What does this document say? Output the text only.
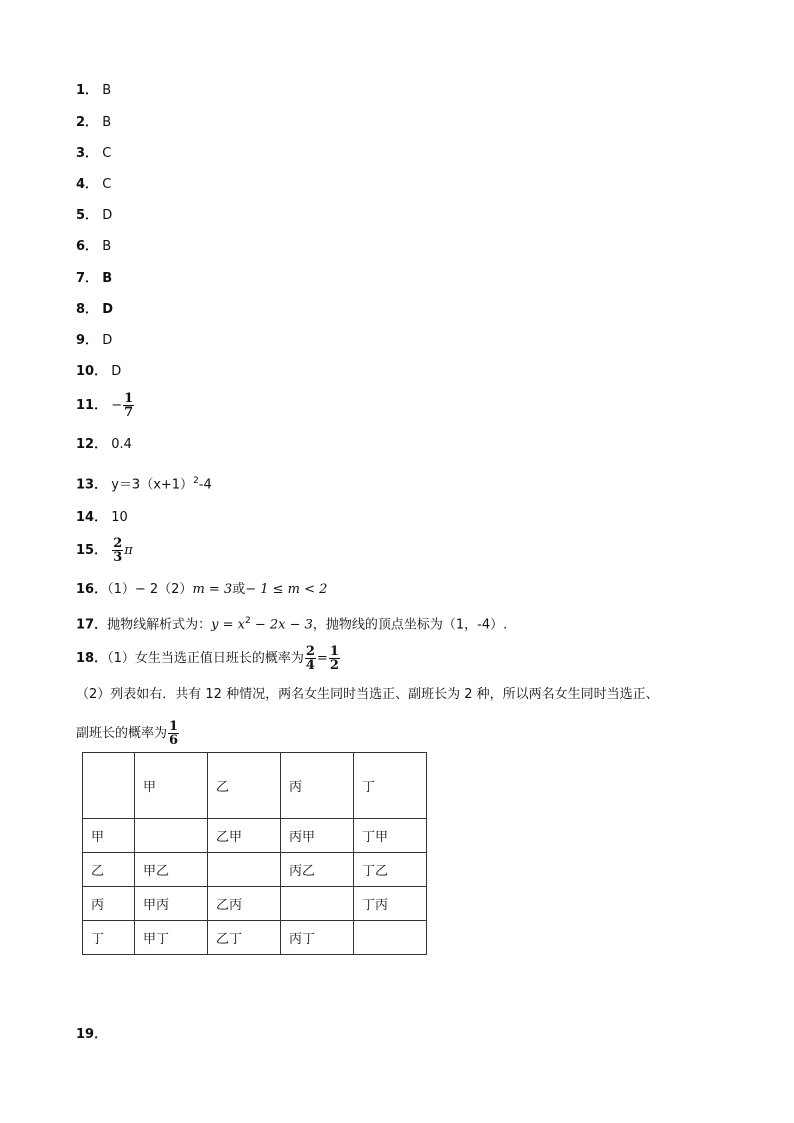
1． B
2． B
3． C
4． C
5． D
6． B
7． B
8． D
9． D
10． D
11． − $\frac{1}{7}$
12． 0.4
13． $y=3(x+1)^2-4$
14． 10
15． $\frac{2}{3}$ π
16．（1）− 2（2）m = 3或− 1 ≤ m < 2
17．抛物线解析式为：$y = x^2 - 2x - 3$，抛物线的顶点坐标为（1，-4）.
18．（1）女生当选正值日班长的概率为 $\frac{2}{4} = \frac{1}{2}$
（2）列表如右．共有 12 种情况，两名女生同时当选正、副班长为 2 种，所以两名女生同时当选正、
副班长的概率为 $\frac{1}{6}$
	甲	乙	丙	丁
甲		乙甲	丙甲	丁甲
乙	甲乙		丙乙	丁乙
丙	甲丙	乙丙		丁丙
丁	甲丁	乙丁	丙丁	
19．
